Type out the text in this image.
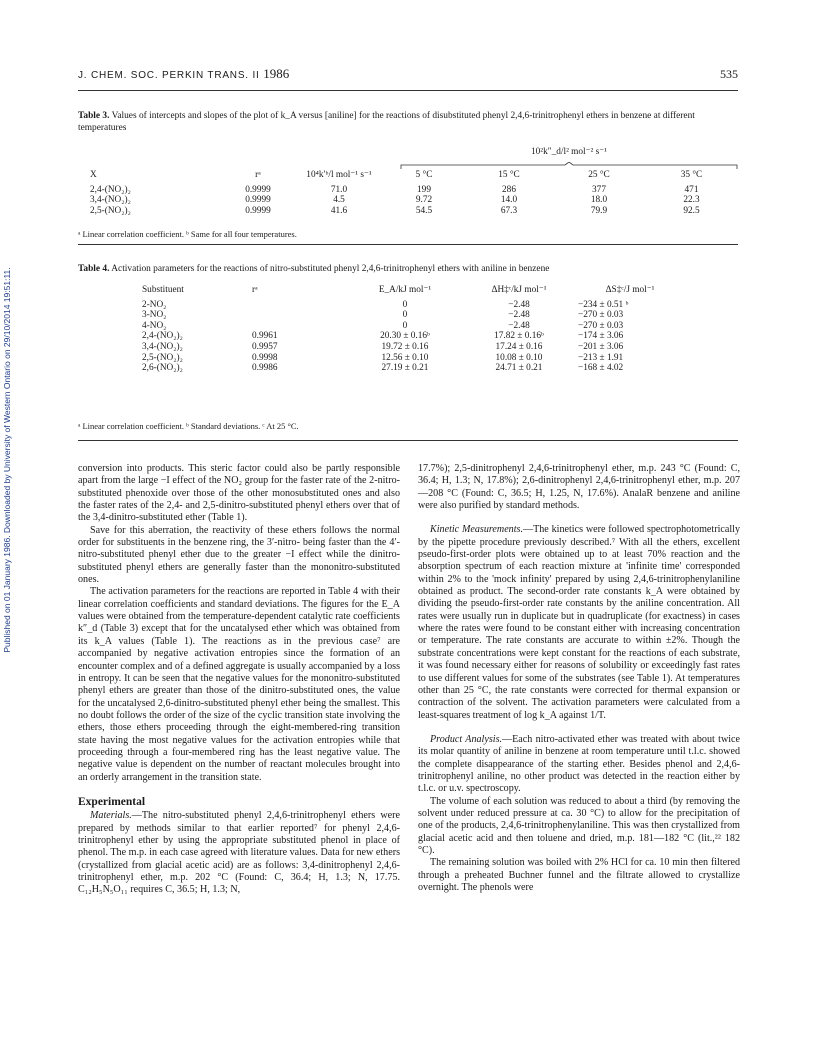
Published on 01 January 1986. Downloaded by University of Western Ontario on 29/10/2014 19:51:11.
J. CHEM. SOC. PERKIN TRANS. II 1986	535
Table 3. Values of intercepts and slopes of the plot of k_A versus [aniline] for the reactions of disubstituted phenyl 2,4,6-trinitrophenyl ethers in benzene at different temperatures
10²k″_d/l² mol⁻² s⁻¹
X	rᵃ	10⁴k′ᵇ/l mol⁻¹ s⁻¹	5 °C	15 °C	25 °C	35 °C

2,4-(NO₂)₂	0.9999	71.0	199	286	377	471
3,4-(NO₂)₂	0.9999	4.5	9.72	14.0	18.0	22.3
2,5-(NO₂)₂	0.9999	41.6	54.5	67.3	79.9	92.5
ᵃ Linear correlation coefficient. ᵇ Same for all four temperatures.
Table 4. Activation parameters for the reactions of nitro-substituted phenyl 2,4,6-trinitrophenyl ethers with aniline in benzene
Substituent	rᵃ	E_A/kJ mol⁻¹	ΔH‡ᶜ/kJ mol⁻¹	ΔS‡ᶜ/J mol⁻¹

2-NO₂		0	−2.48	−234 ± 0.51 ᵇ
3-NO₂		0	−2.48	−270 ± 0.03
4-NO₂		0	−2.48	−270 ± 0.03
2,4-(NO₂)₂	0.9961	20.30 ± 0.16ᵇ	17.82 ± 0.16ᵇ	−174 ± 3.06
3,4-(NO₂)₂	0.9957	19.72 ± 0.16	17.24 ± 0.16	−201 ± 3.06
2,5-(NO₂)₂	0.9998	12.56 ± 0.10	10.08 ± 0.10	−213 ± 1.91
2,6-(NO₂)₂	0.9986	27.19 ± 0.21	24.71 ± 0.21	−168 ± 4.02
ᵃ Linear correlation coefficient. ᵇ Standard deviations. ᶜ At 25 °C.

conversion into products. This steric factor could also be partly responsible apart from the large −I effect of the NO₂ group for the faster rate of the 2-nitro-substituted phenoxide over those of the other monosubstituted ones and also the faster rates of the 2,4- and 2,5-dinitro-substituted phenyl ethers over that of the 3,4-dinitro-substituted ether (Table 1).

Save for this aberration, the reactivity of these ethers follows the normal order for substituents in the benzene ring, the 3′-nitro- being faster than the 4′-nitro-substituted phenyl ether due to the greater −I effect while the dinitro-substituted phenyl ethers are generally faster than the mononitro-substituted ones.

The activation parameters for the reactions are reported in Table 4 with their linear correlation coefficients and standard deviations. The figures for the E_A values were obtained from the temperature-dependent catalytic rate coefficients k″_d (Table 3) except that for the uncatalysed ether which was obtained from its k_A values (Table 1). The reactions as in the previous case⁷ are accompanied by negative activation entropies since the formation of an encounter complex and of a defined aggregate is usually accompanied by a loss in entropy. It can be seen that the negative values for the mononitro-substituted phenyl ethers are greater than those of the dinitro-substituted ones, the value for the uncatalysed 2,6-dinitro-substituted phenyl ether being the smallest. This no doubt follows the order of the size of the cyclic transition state involving the ethers, those ethers proceeding through the eight-membered-ring transition state having the most negative values for the activation entropies while that proceeding through a four-membered ring has the least negative value. The negative value is dependent on the number of reactant molecules brought into an orderly arrangement in the transition state.

Experimental

Materials.—The nitro-substituted phenyl 2,4,6-trinitrophenyl ethers were prepared by methods similar to that earlier reported⁷ for phenyl 2,4,6-trinitrophenyl ether by using the appropriate substituted phenol in place of phenol. The m.p. in each case agreed with literature values. Data for new ethers (crystallized from glacial acetic acid) are as follows: 3,4-dinitrophenyl 2,4,6-trinitrophenyl ether, m.p. 202 °C (Found: C, 36.4; H, 1.3; N, 17.75. C₁₂H₅N₅O₁₁ requires C, 36.5; H, 1.3; N,

17.7%); 2,5-dinitrophenyl 2,4,6-trinitrophenyl ether, m.p. 243 °C (Found: C, 36.4; H, 1.3; N, 17.8%); 2,6-dinitrophenyl 2,4,6-trinitrophenyl ether, m.p. 207—208 °C (Found: C, 36.5; H, 1.25, N, 17.6%). AnalaR benzene and aniline were also purified by standard methods.

Kinetic Measurements.—The kinetics were followed spectrophotometrically by the pipette procedure previously described.⁷ With all the ethers, excellent pseudo-first-order plots were obtained up to at least 70% reaction and the absorption spectrum of each reaction mixture at 'infinite time' corresponded within 2% to the 'mock infinity' prepared by using 2,4,6-trinitrophenylaniline obtained as product. The second-order rate constants k_A were obtained by dividing the pseudo-first-order rate constants by the aniline concentration. All rates were usually run in duplicate but in quadruplicate (for exactness) in cases where the rates were found to be constant either with increasing concentration or temperature. The rate constants are accurate to within ±2%. Though the substrate concentrations were kept constant for the reactions of each substrate, it was found necessary either for reasons of solubility or exceedingly fast rates to use different values for some of the substrates (see Table 1). At temperatures other than 25 °C, the rate constants were corrected for thermal expansion or contraction of the solvent. The activation parameters were calculated from a least-squares treatment of log k_A against 1/T.

Product Analysis.—Each nitro-activated ether was treated with about twice its molar quantity of aniline in benzene at room temperature until t.l.c. showed the complete disappearance of the starting ether. Besides phenol and 2,4,6-trinitrophenyl aniline, no other product was detected in the reaction either by t.l.c. or u.v. spectroscopy.

The volume of each solution was reduced to about a third (by removing the solvent under reduced pressure at ca. 30 °C) to allow for the precipitation of one of the products, 2,4,6-trinitrophenylaniline. This was then crystallized from glacial acetic acid and then toluene and dried, m.p. 181—182 °C (lit.,²² 182 °C).

The remaining solution was boiled with 2% HCl for ca. 10 min then filtered through a preheated Buchner funnel and the filtrate allowed to crystallize overnight. The phenols were
